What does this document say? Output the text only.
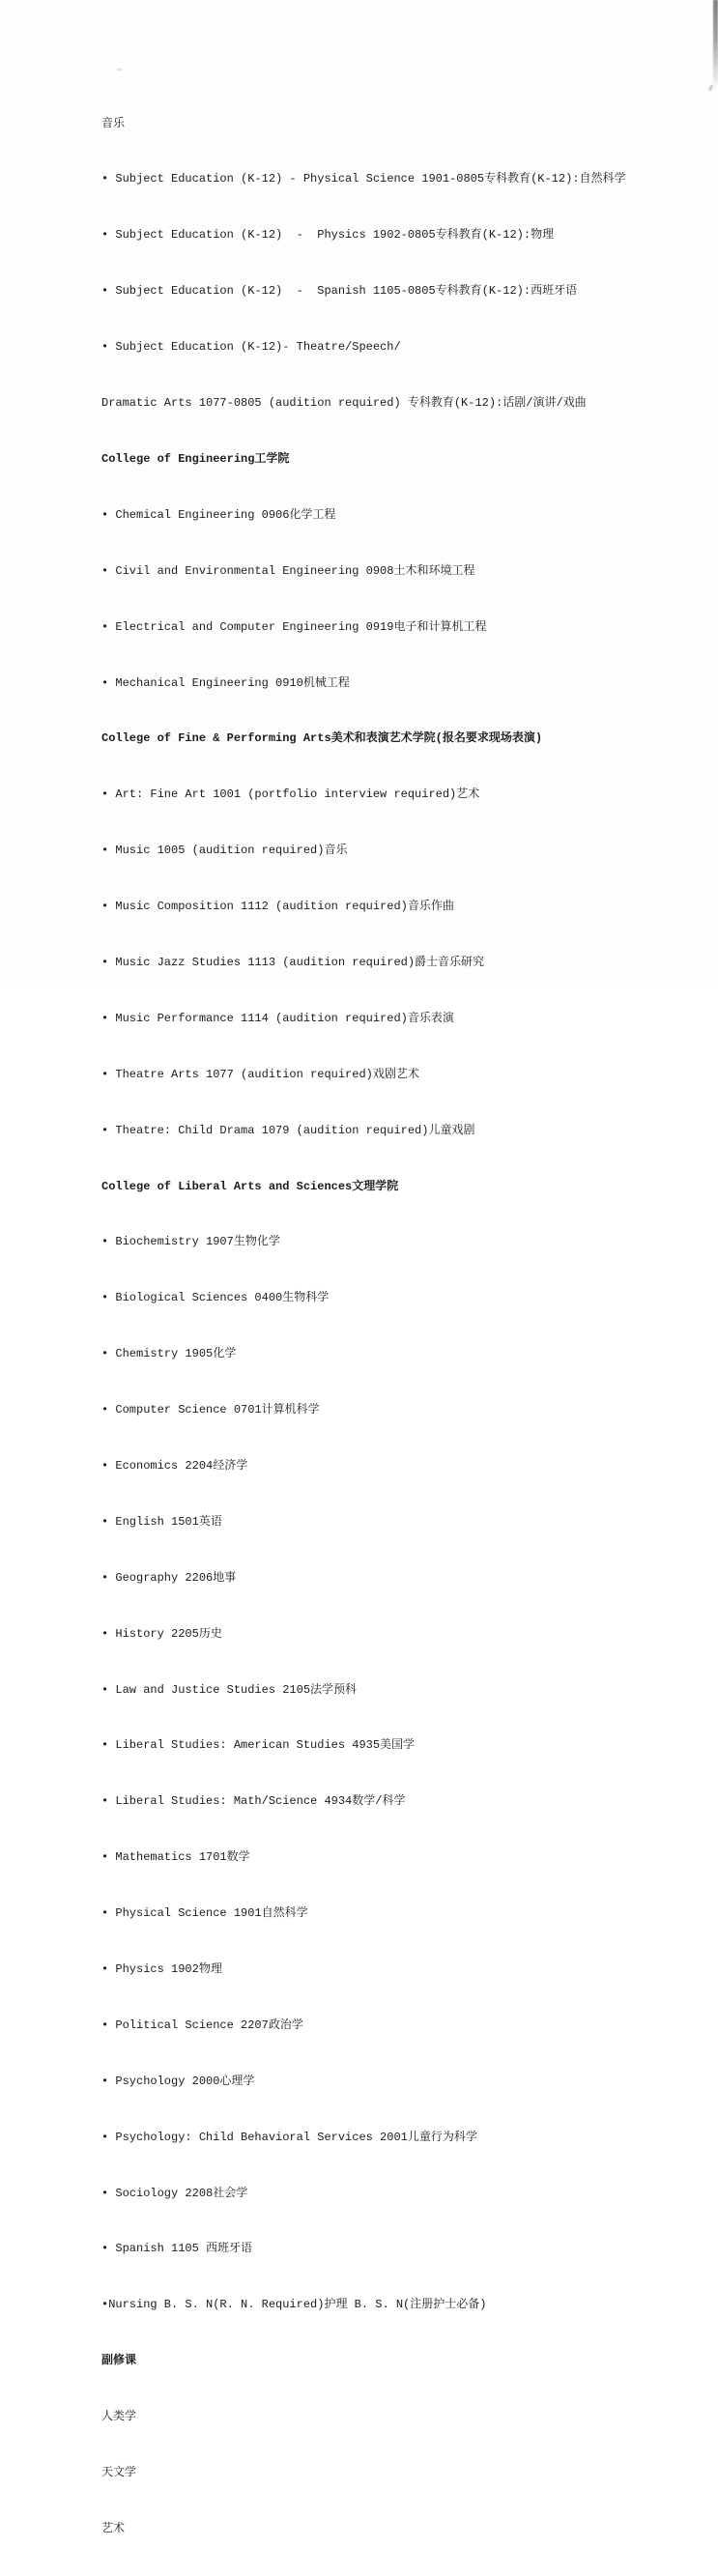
音乐

• Subject Education (K-12) - Physical Science 1901-0805专科教育(K-12):自然科学

• Subject Education (K-12)  -  Physics 1902-0805专科教育(K-12):物理

• Subject Education (K-12)  -  Spanish 1105-0805专科教育(K-12):西班牙语

• Subject Education (K-12)- Theatre/Speech/

Dramatic Arts 1077-0805 (audition required) 专科教育(K-12):话剧/演讲/戏曲

College of Engineering工学院

• Chemical Engineering 0906化学工程

• Civil and Environmental Engineering 0908土木和环境工程

• Electrical and Computer Engineering 0919电子和计算机工程

• Mechanical Engineering 0910机械工程

College of Fine & Performing Arts美术和表演艺术学院(报名要求现场表演)

• Art: Fine Art 1001 (portfolio interview required)艺术

• Music 1005 (audition required)音乐

• Music Composition 1112 (audition required)音乐作曲

• Music Jazz Studies 1113 (audition required)爵士音乐研究

• Music Performance 1114 (audition required)音乐表演

• Theatre Arts 1077 (audition required)戏剧艺术

• Theatre: Child Drama 1079 (audition required)儿童戏剧

College of Liberal Arts and Sciences文理学院

• Biochemistry 1907生物化学

• Biological Sciences 0400生物科学

• Chemistry 1905化学

• Computer Science 0701计算机科学

• Economics 2204经济学

• English 1501英语

• Geography 2206地事

• History 2205历史

• Law and Justice Studies 2105法学预科

• Liberal Studies: American Studies 4935美国学

• Liberal Studies: Math/Science 4934数学/科学

• Mathematics 1701数学

• Physical Science 1901自然科学

• Physics 1902物理

• Political Science 2207政治学

• Psychology 2000心理学

• Psychology: Child Behavioral Services 2001儿童行为科学

• Sociology 2208社会学

• Spanish 1105 西班牙语

•Nursing B. S. N(R. N. Required)护理 B. S. N(注册护士必备)

副修课

人类学

天文学

艺术
